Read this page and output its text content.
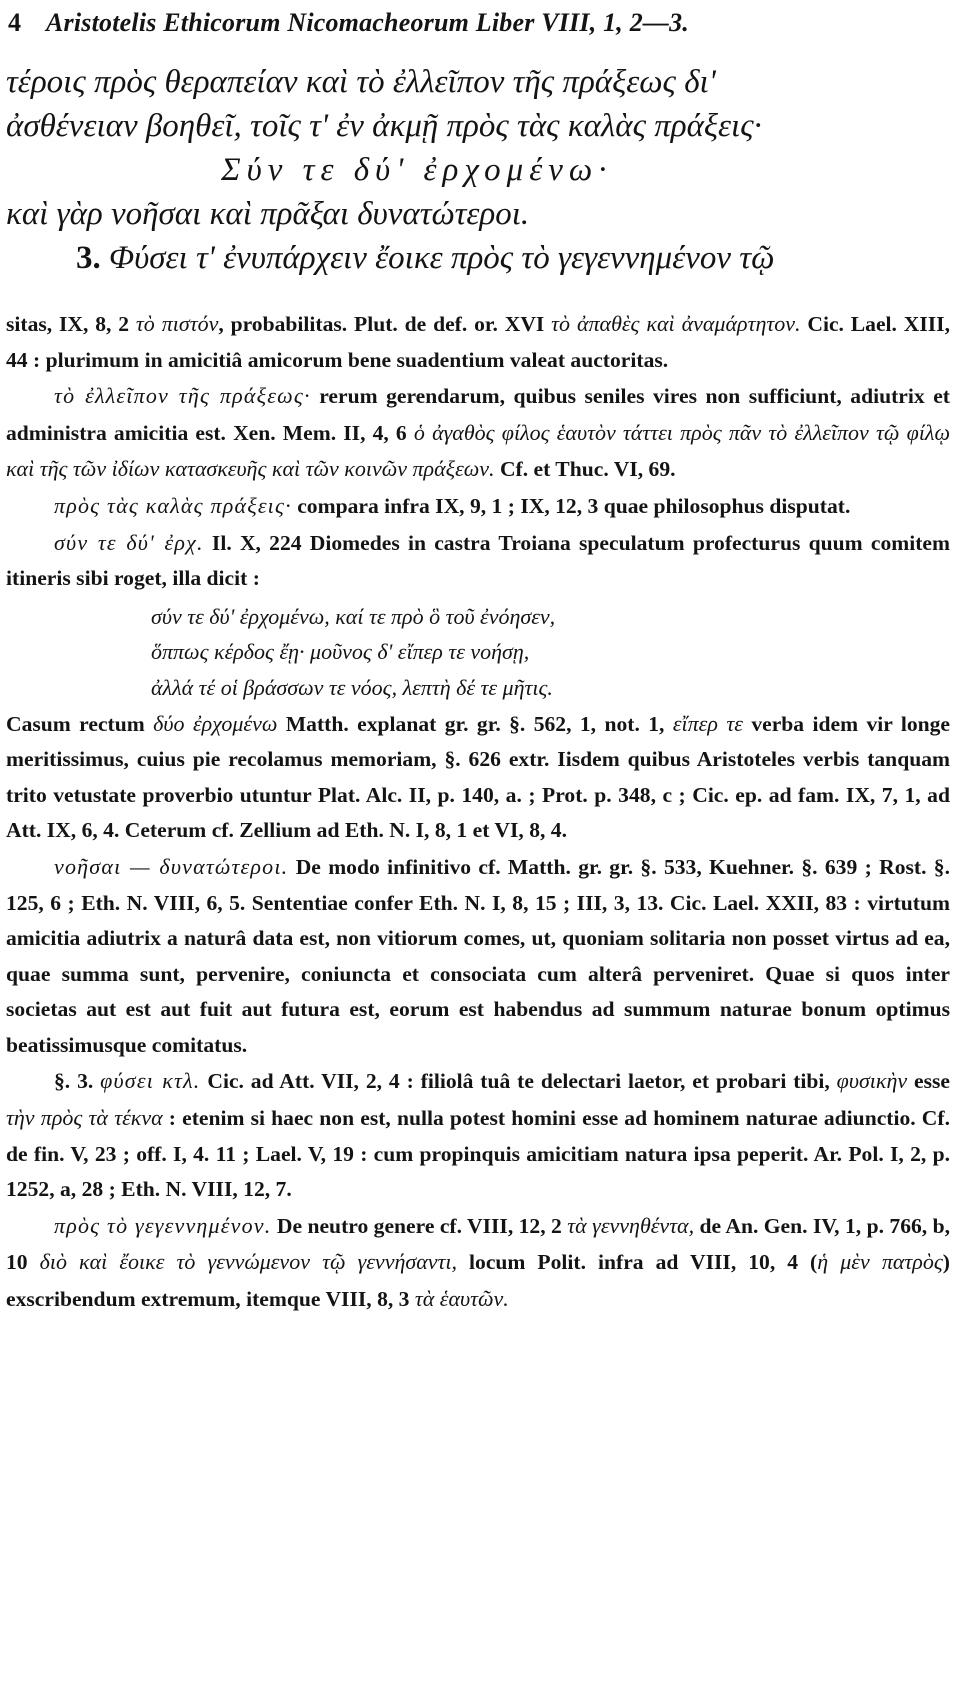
4 Aristotelis Ethicorum Nicomacheorum Liber VIII, 1, 2—3.
τέροις πρὸς θεραπείαν καὶ τὸ ἐλλεῖπον τῆς πράξεως δι'
ἀσθένειαν βοηθεῖ, τοῖς τ' ἐν ἀκμῇ πρὸς τὰς καλὰς πράξεις·
Σύν τε δύ' ἐρχομένω·
καὶ γὰρ νοῆσαι καὶ πρᾶξαι δυνατώτεροι.
3. Φύσει τ' ἐνυπάρχειν ἔοικε πρὸς τὸ γεγεννημένον τῷ
sitas, IX, 8, 2 τὸ πιστόν, probabilitas. Plut. de def. or. XVI τὸ ἀπαθὲς καὶ ἀναμάρτητον. Cic. Lael. XIII, 44 : plurimum in amicitiâ amicorum bene suadentium valeat auctoritas.
τὸ ἐλλεῖπον τῆς πράξεως· rerum gerendarum, quibus seniles vires non sufficiunt, adiutrix et administra amicitia est. Xen. Mem. II, 4, 6 ὁ ἀγαθὸς φίλος ἑαυτὸν τάττει πρὸς πᾶν τὸ ἐλλεῖπον τῷ φίλῳ καὶ τῆς τῶν ἰδίων κατασκευῆς καὶ τῶν κοινῶν πράξεων. Cf. et Thuc. VI, 69.
πρὸς τὰς καλὰς πράξεις· compara infra IX, 9, 1 ; IX, 12, 3 quae philosophus disputat.
σύν τε δύ' ἐρχ. Il. X, 224 Diomedes in castra Troiana speculatum profecturus quum comitem itineris sibi roget, illa dicit :
σύν τε δύ' ἐρχομένω, καί τε πρὸ ὃ τοῦ ἐνόησεν,
ὅππως κέρδος ἔῃ· μοῦνος δ' εἴπερ τε νοήσῃ,
ἀλλά τέ οἱ βράσσων τε νόος, λεπτὴ δέ τε μῆτις.
Casum rectum δύο ἐρχομένω Matth. explanat gr. gr. §. 562, 1, not. 1, εἴπερ τε verba idem vir longe meritissimus, cuius pie recolamus memoriam, §. 626 extr. Iisdem quibus Aristoteles verbis tanquam trito vetustate proverbio utuntur Plat. Alc. II, p. 140, a. ; Prot. p. 348, c ; Cic. ep. ad fam. IX, 7, 1, ad Att. IX, 6, 4. Ceterum cf. Zellium ad Eth. N. I, 8, 1 et VI, 8, 4.
νοῆσαι — δυνατώτεροι. De modo infinitivo cf. Matth. gr. gr. §. 533, Kuehner. §. 639 ; Rost. §. 125, 6 ; Eth. N. VIII, 6, 5. Sententiae confer Eth. N. I, 8, 15 ; III, 3, 13. Cic. Lael. XXII, 83 : virtutum amicitia adiutrix a naturâ data est, non vitiorum comes, ut, quoniam solitaria non posset virtus ad ea, quae summa sunt, pervenire, coniuncta et consociata cum alterâ perveniret. Quae si quos inter societas aut est aut fuit aut futura est, eorum est habendus ad summum naturae bonum optimus beatissimusque comitatus.
§. 3. φύσει κτλ. Cic. ad Att. VII, 2, 4 : filiolâ tuâ te delectari laetor, et probari tibi, φυσικὴν esse τὴν πρὸς τὰ τέκνα : etenim si haec non est, nulla potest homini esse ad hominem naturae adiunctio. Cf. de fin. V, 23 ; off. I, 4. 11 ; Lael. V, 19 : cum propinquis amicitiam natura ipsa peperit. Ar. Pol. I, 2, p. 1252, a, 28 ; Eth. N. VIII, 12, 7.
πρὸς τὸ γεγεννημένον. De neutro genere cf. VIII, 12, 2 τὰ γεννηθέντα, de An. Gen. IV, 1, p. 766, b, 10 διὸ καὶ ἔοικε τὸ γεννώμενον τῷ γεννήσαντι, locum Polit. infra ad VIII, 10, 4 (ἡ μὲν πατρὸς) exscribendum extremum, itemque VIII, 8, 3 τὰ ἑαυτῶν.
